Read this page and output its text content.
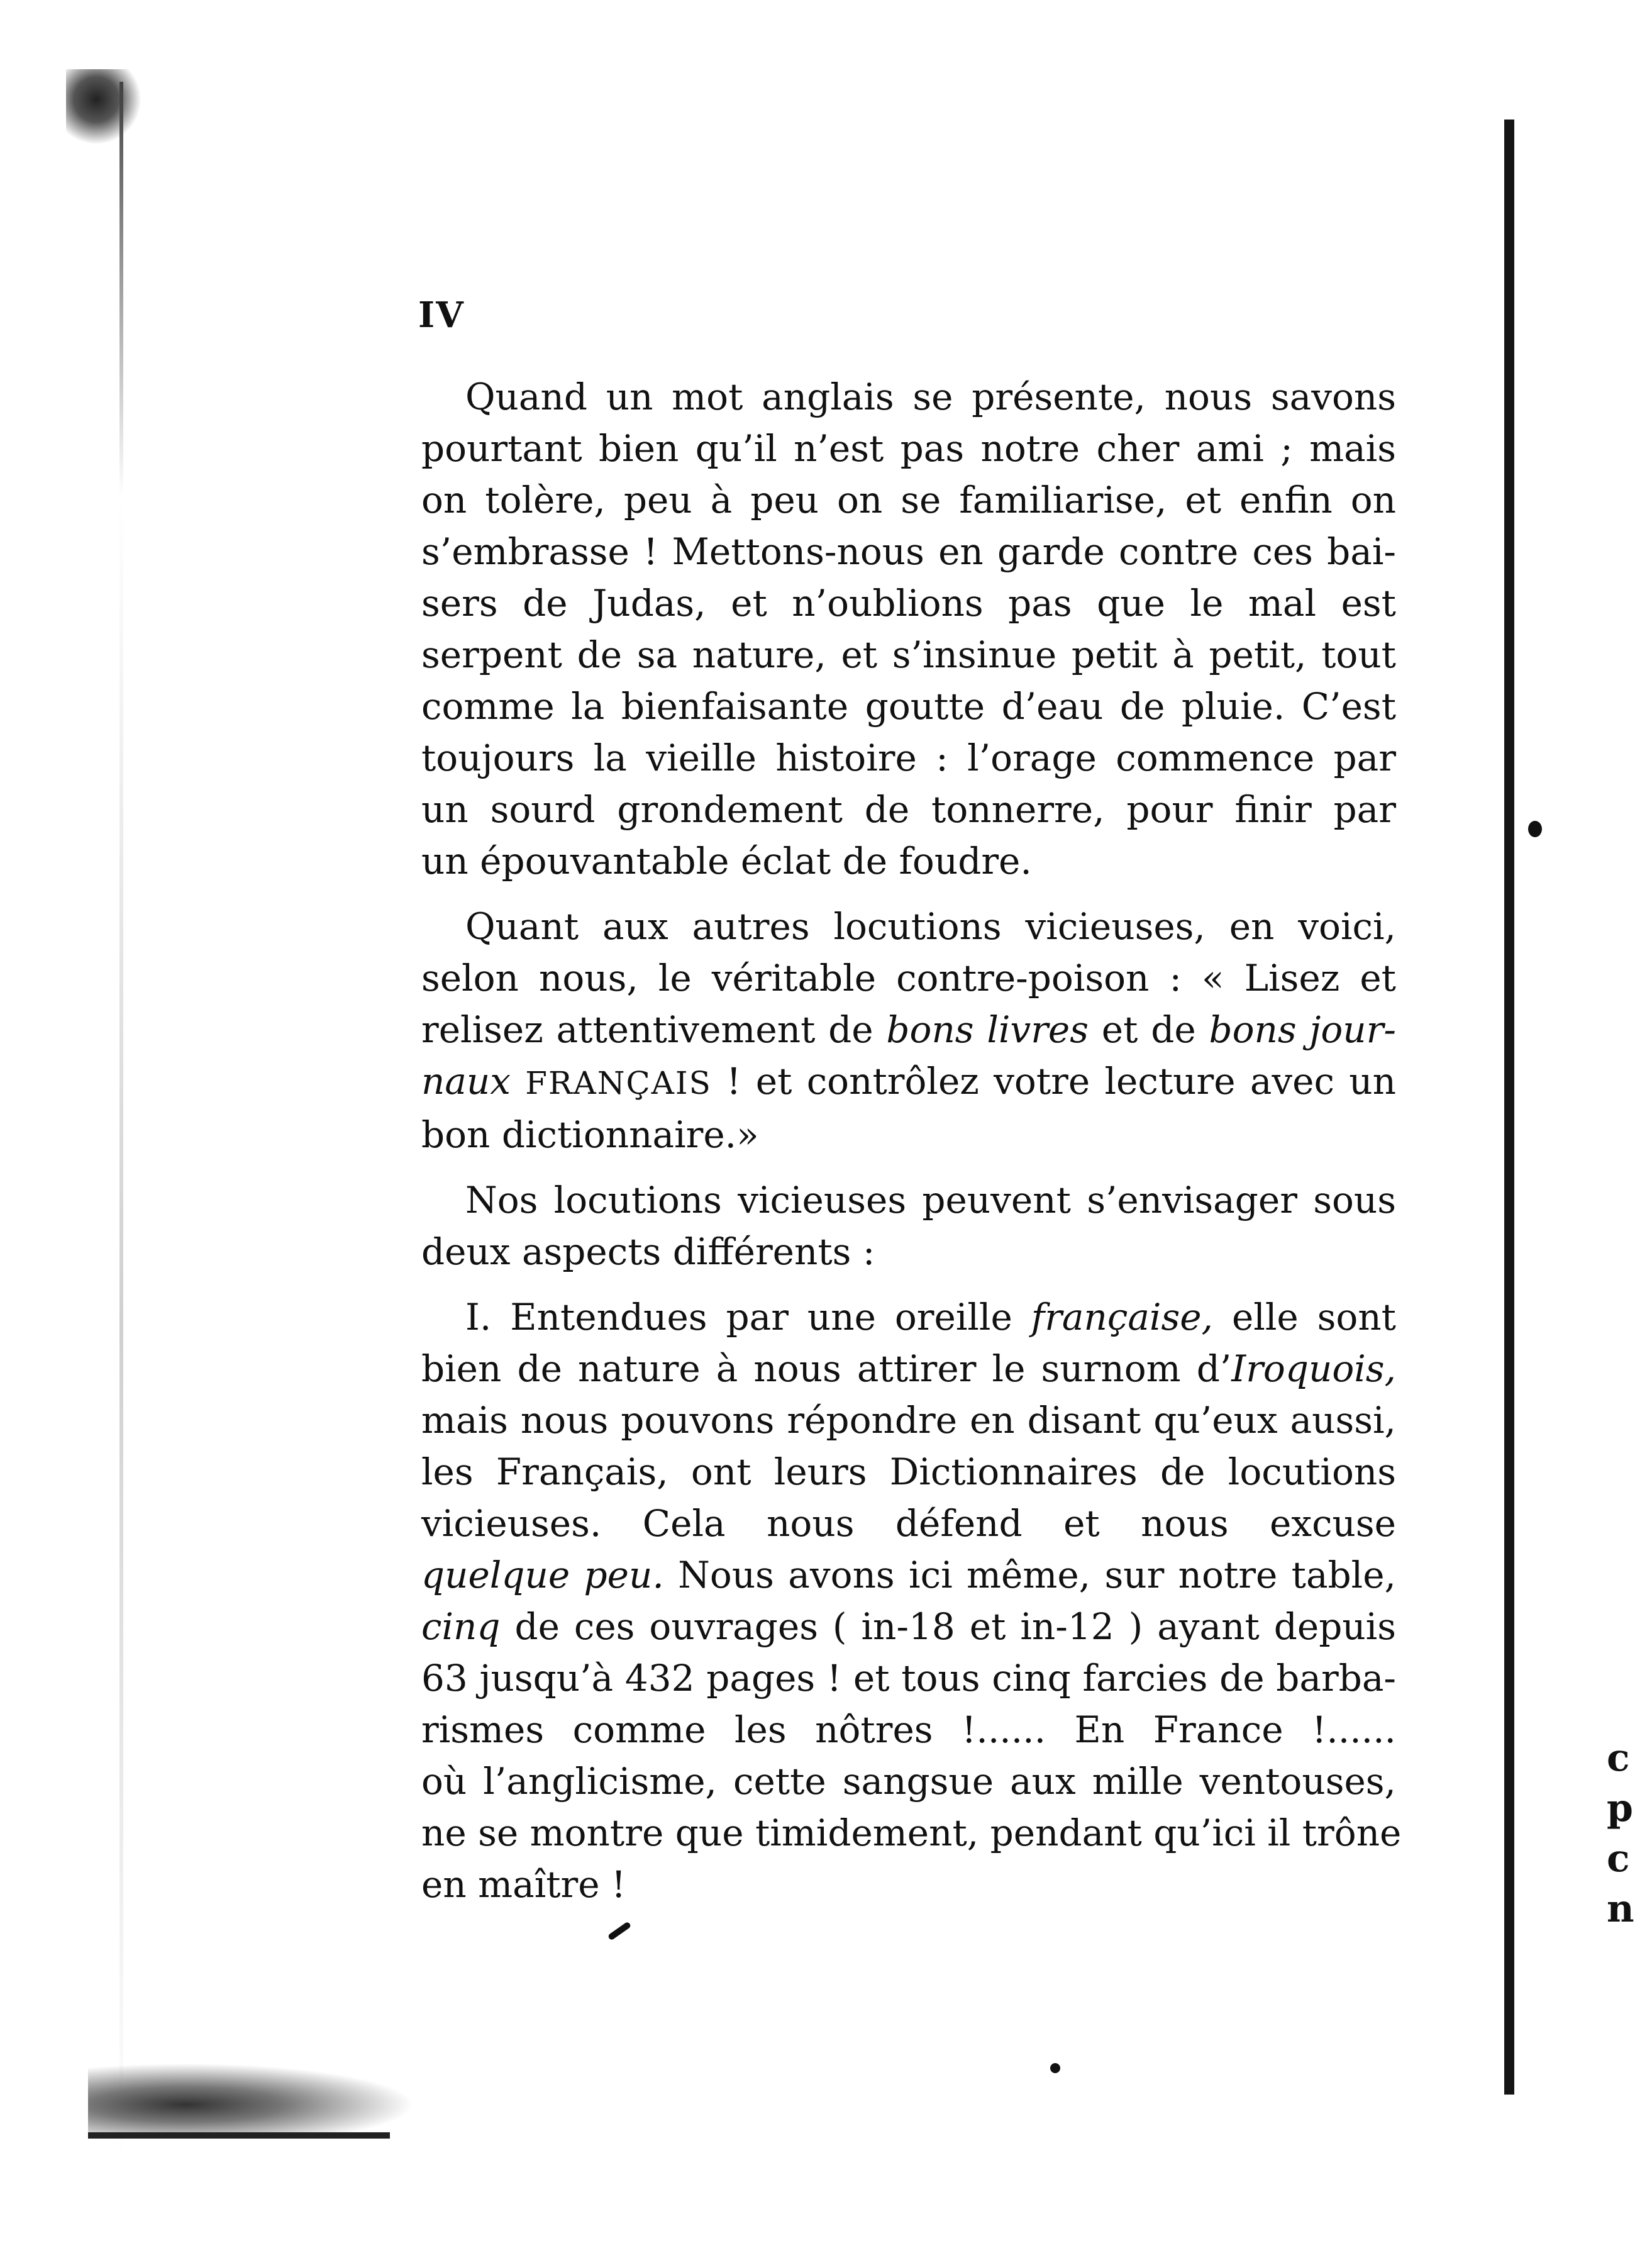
IV
Quand un mot anglais se présente, nous savons
pourtant bien qu’il n’est pas notre cher ami ; mais
on tolère, peu à peu on se familiarise, et enfin on
s’embrasse ! Mettons-nous en garde contre ces bai-
sers de Judas, et n’oublions pas que le mal est
serpent de sa nature, et s’insinue petit à petit, tout
comme la bienfaisante goutte d’eau de pluie. C’est
toujours la vieille histoire : l’orage commence par
un sourd grondement de tonnerre, pour finir par
un épouvantable éclat de foudre.
Quant aux autres locutions vicieuses, en voici,
selon nous, le véritable contre-poison : « Lisez et
relisez attentivement de bons livres et de bons jour-
naux FRANÇAIS ! et contrôlez votre lecture avec un
bon dictionnaire.»
Nos locutions vicieuses peuvent s’envisager sous
deux aspects différents :
I. Entendues par une oreille française, elle sont
bien de nature à nous attirer le surnom d’Iroquois,
mais nous pouvons répondre en disant qu’eux aussi,
les Français, ont leurs Dictionnaires de locutions
vicieuses. Cela nous défend et nous excuse
quelque peu. Nous avons ici même, sur notre table,
cinq de ces ouvrages ( in-18 et in-12 ) ayant depuis
63 jusqu’à 432 pages ! et tous cinq farcies de barba-
rismes comme les nôtres !...... En France !......
où l’anglicisme, cette sangsue aux mille ventouses,
ne se montre que timidement, pendant qu’ici il trône
en maître !
c
p
c
n
